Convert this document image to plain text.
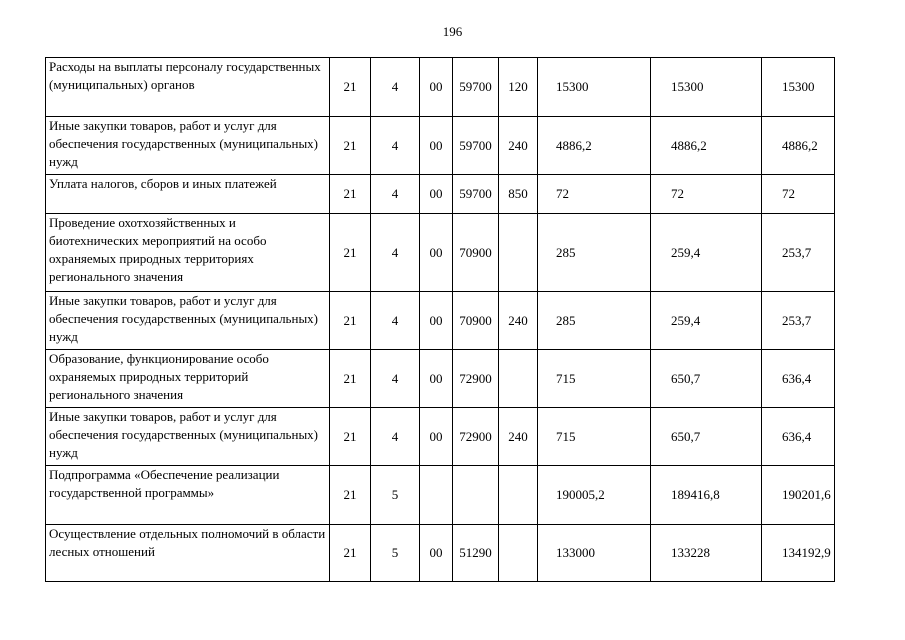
196
Расходы на выплаты персоналу государственных (муниципальных) органов	21	4	00	59700	120	15300	15300	15300
Иные закупки товаров, работ и услуг для обеспечения государственных (муниципальных) нужд	21	4	00	59700	240	4886,2	4886,2	4886,2
Уплата налогов, сборов и иных платежей	21	4	00	59700	850	72	72	72
Проведение охотхозяйственных и биотехнических мероприятий на особо охраняемых природных территориях регионального значения	21	4	00	70900		285	259,4	253,7
Иные закупки товаров, работ и услуг для обеспечения государственных (муниципальных) нужд	21	4	00	70900	240	285	259,4	253,7
Образование, функционирование особо охраняемых природных территорий регионального значения	21	4	00	72900		715	650,7	636,4
Иные закупки товаров, работ и услуг для обеспечения государственных (муниципальных) нужд	21	4	00	72900	240	715	650,7	636,4
Подпрограмма «Обеспечение реализации государственной программы»	21	5				190005,2	189416,8	190201,6
Осуществление отдельных полномочий в области лесных отношений	21	5	00	51290		133000	133228	134192,9
